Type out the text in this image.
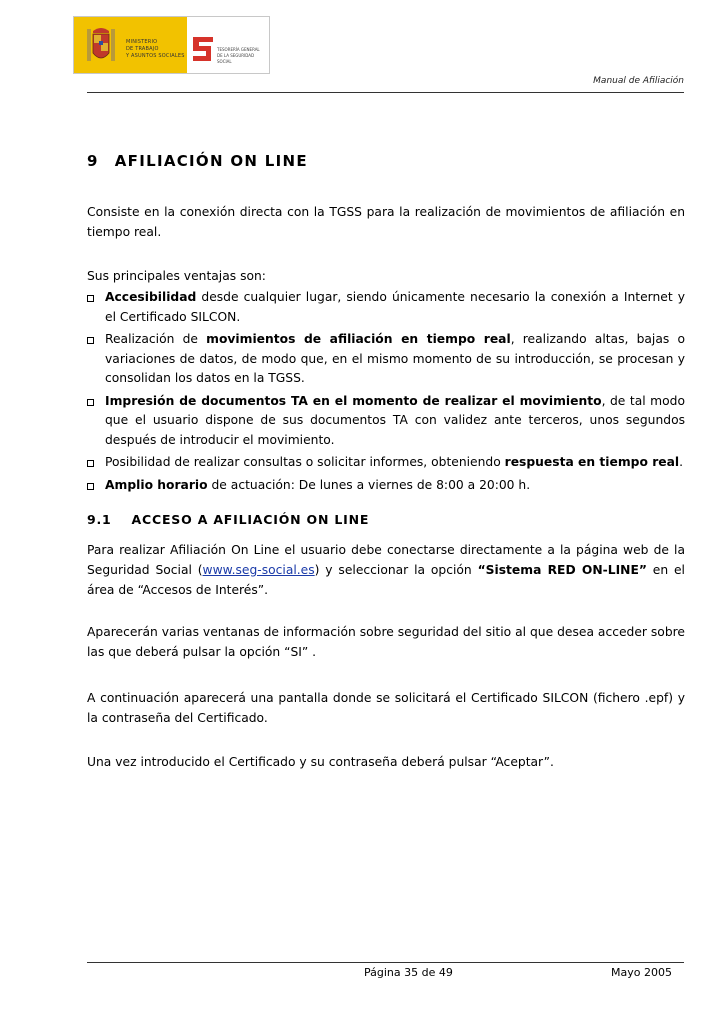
MINISTERIO
DE TRABAJO
Y ASUNTOS SOCIALES
TESORERÍA GENERAL
DE LA SEGURIDAD SOCIAL
Manual de Afiliación
9 AFILIACIÓN ON LINE

Consiste en la conexión directa con la TGSS para la realización de movimientos de afiliación en tiempo real.

Sus principales ventajas son:

Accesibilidad desde cualquier lugar, siendo únicamente necesario la conexión a Internet y el Certificado SILCON.
Realización de movimientos de afiliación en tiempo real, realizando altas, bajas o variaciones de datos, de modo que, en el mismo momento de su introducción, se procesan y consolidan los datos en la TGSS.
Impresión de documentos TA en el momento de realizar el movimiento, de tal modo que el usuario dispone de sus documentos TA con validez ante terceros, unos segundos después de introducir el movimiento.
Posibilidad de realizar consultas o solicitar informes, obteniendo respuesta en tiempo real.
Amplio horario de actuación: De lunes a viernes de 8:00 a 20:00 h.
9.1 ACCESO A AFILIACIÓN ON LINE

Para realizar Afiliación On Line el usuario debe conectarse directamente a la página web de la Seguridad Social (www.seg-social.es) y seleccionar la opción “Sistema RED ON-LINE” en el área de “Accesos de Interés”.

Aparecerán varias ventanas de información sobre seguridad del sitio al que desea acceder sobre las que deberá pulsar la opción “SI” .

A continuación aparecerá una pantalla donde se solicitará el Certificado SILCON (fichero .epf) y la contraseña del Certificado.

Una vez introducido el Certificado y su contraseña deberá pulsar “Aceptar”.

Página 35 de 49	Mayo 2005
